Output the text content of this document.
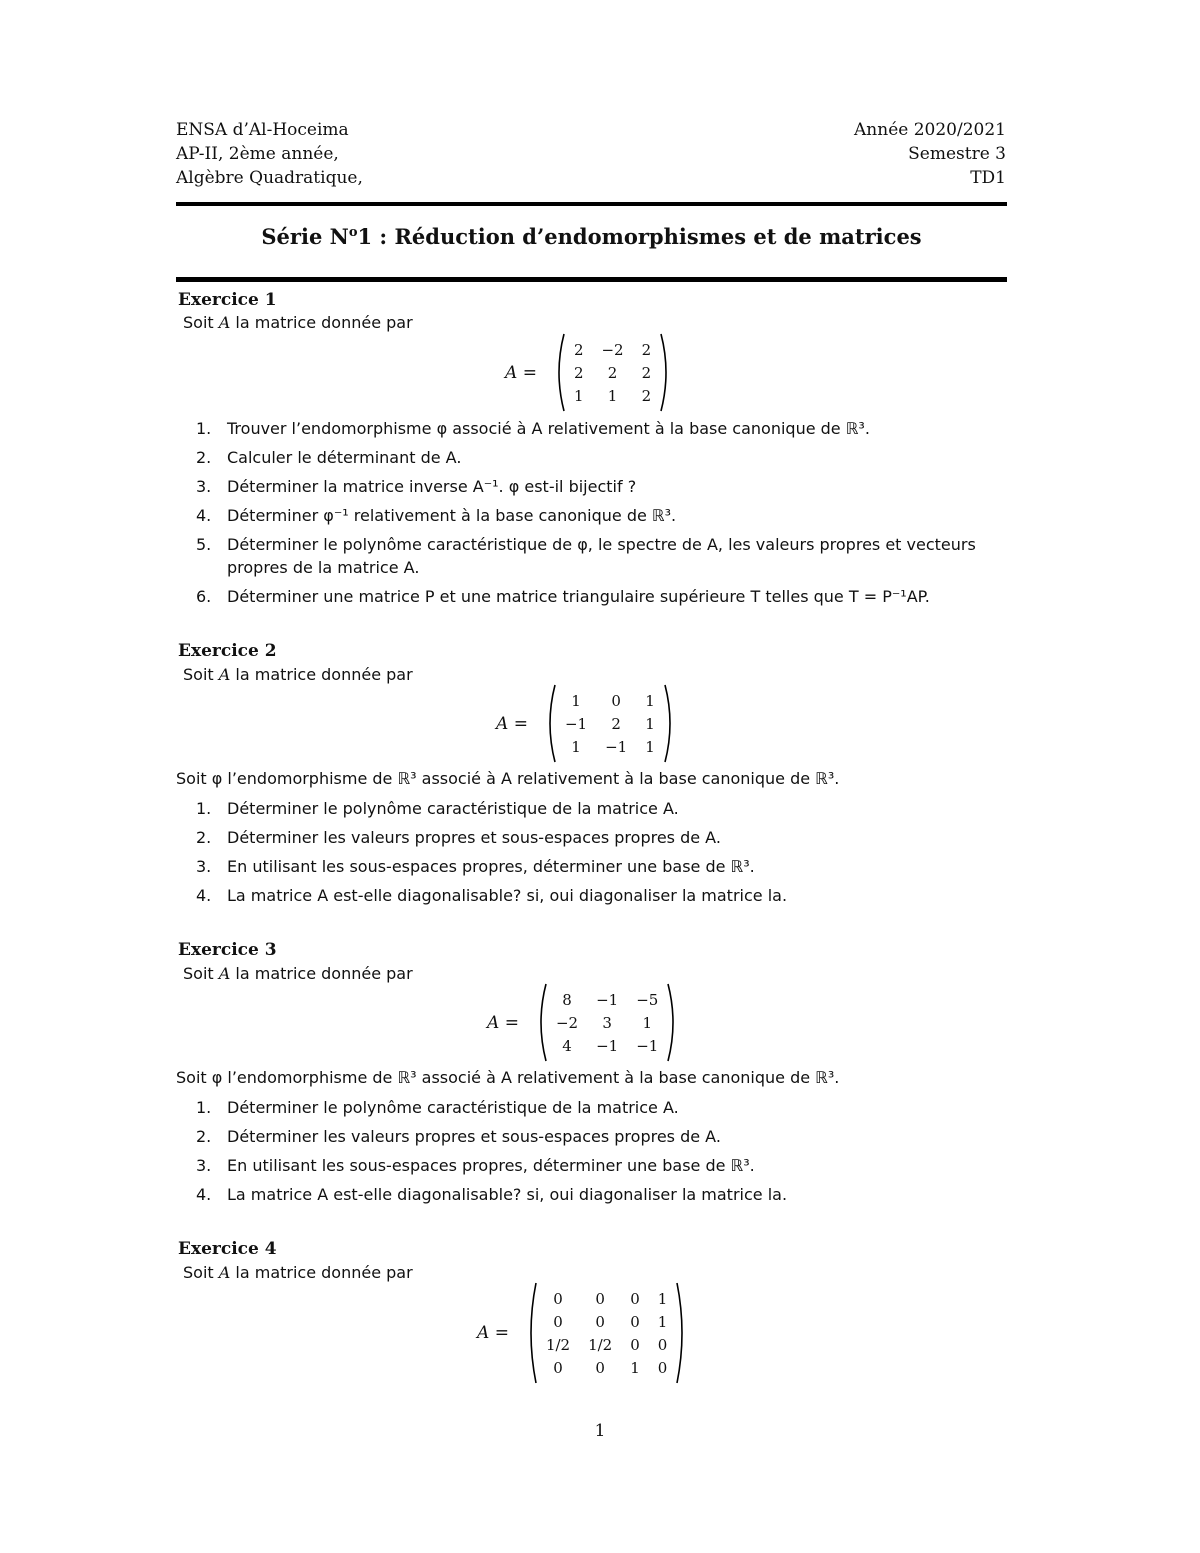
ENSA d’Al-Hoceima	Année 2020/2021
AP-II, 2ème année,	Semestre 3
Algèbre Quadratique,	TD1
Série $N^o1$ : Réduction d’endomorphismes et de matrices
Exercice 1
Soit A la matrice donnée par
A =
2	−2	2
2	2	2
1	1	2
1. Trouver l’endomorphisme φ associé à A relativement à la base canonique de ℝ³.
2. Calculer le déterminant de A.
3. Déterminer la matrice inverse A⁻¹. φ est-il bijectif ?
4. Déterminer φ⁻¹ relativement à la base canonique de ℝ³.
5. Déterminer le polynôme caractéristique de φ, le spectre de A, les valeurs propres et vecteurs propres de la matrice A.
6. Déterminer une matrice P et une matrice triangulaire supérieure T telles que T = P⁻¹AP.
Exercice 2
Soit A la matrice donnée par
A =
1	0	1
−1	2	1
1	−1	1
Soit φ l’endomorphisme de ℝ³ associé à A relativement à la base canonique de ℝ³.
1. Déterminer le polynôme caractéristique de la matrice A.
2. Déterminer les valeurs propres et sous-espaces propres de A.
3. En utilisant les sous-espaces propres, déterminer une base de ℝ³.
4. La matrice A est-elle diagonalisable? si, oui diagonaliser la matrice la.
Exercice 3
Soit A la matrice donnée par
A =
8	−1	−5
−2	3	1
4	−1	−1
Soit φ l’endomorphisme de ℝ³ associé à A relativement à la base canonique de ℝ³.
1. Déterminer le polynôme caractéristique de la matrice A.
2. Déterminer les valeurs propres et sous-espaces propres de A.
3. En utilisant les sous-espaces propres, déterminer une base de ℝ³.
4. La matrice A est-elle diagonalisable? si, oui diagonaliser la matrice la.
Exercice 4
Soit A la matrice donnée par
A =
0	0	0	1
0	0	0	1
1/2	1/2	0	0
0	0	1	0
1
